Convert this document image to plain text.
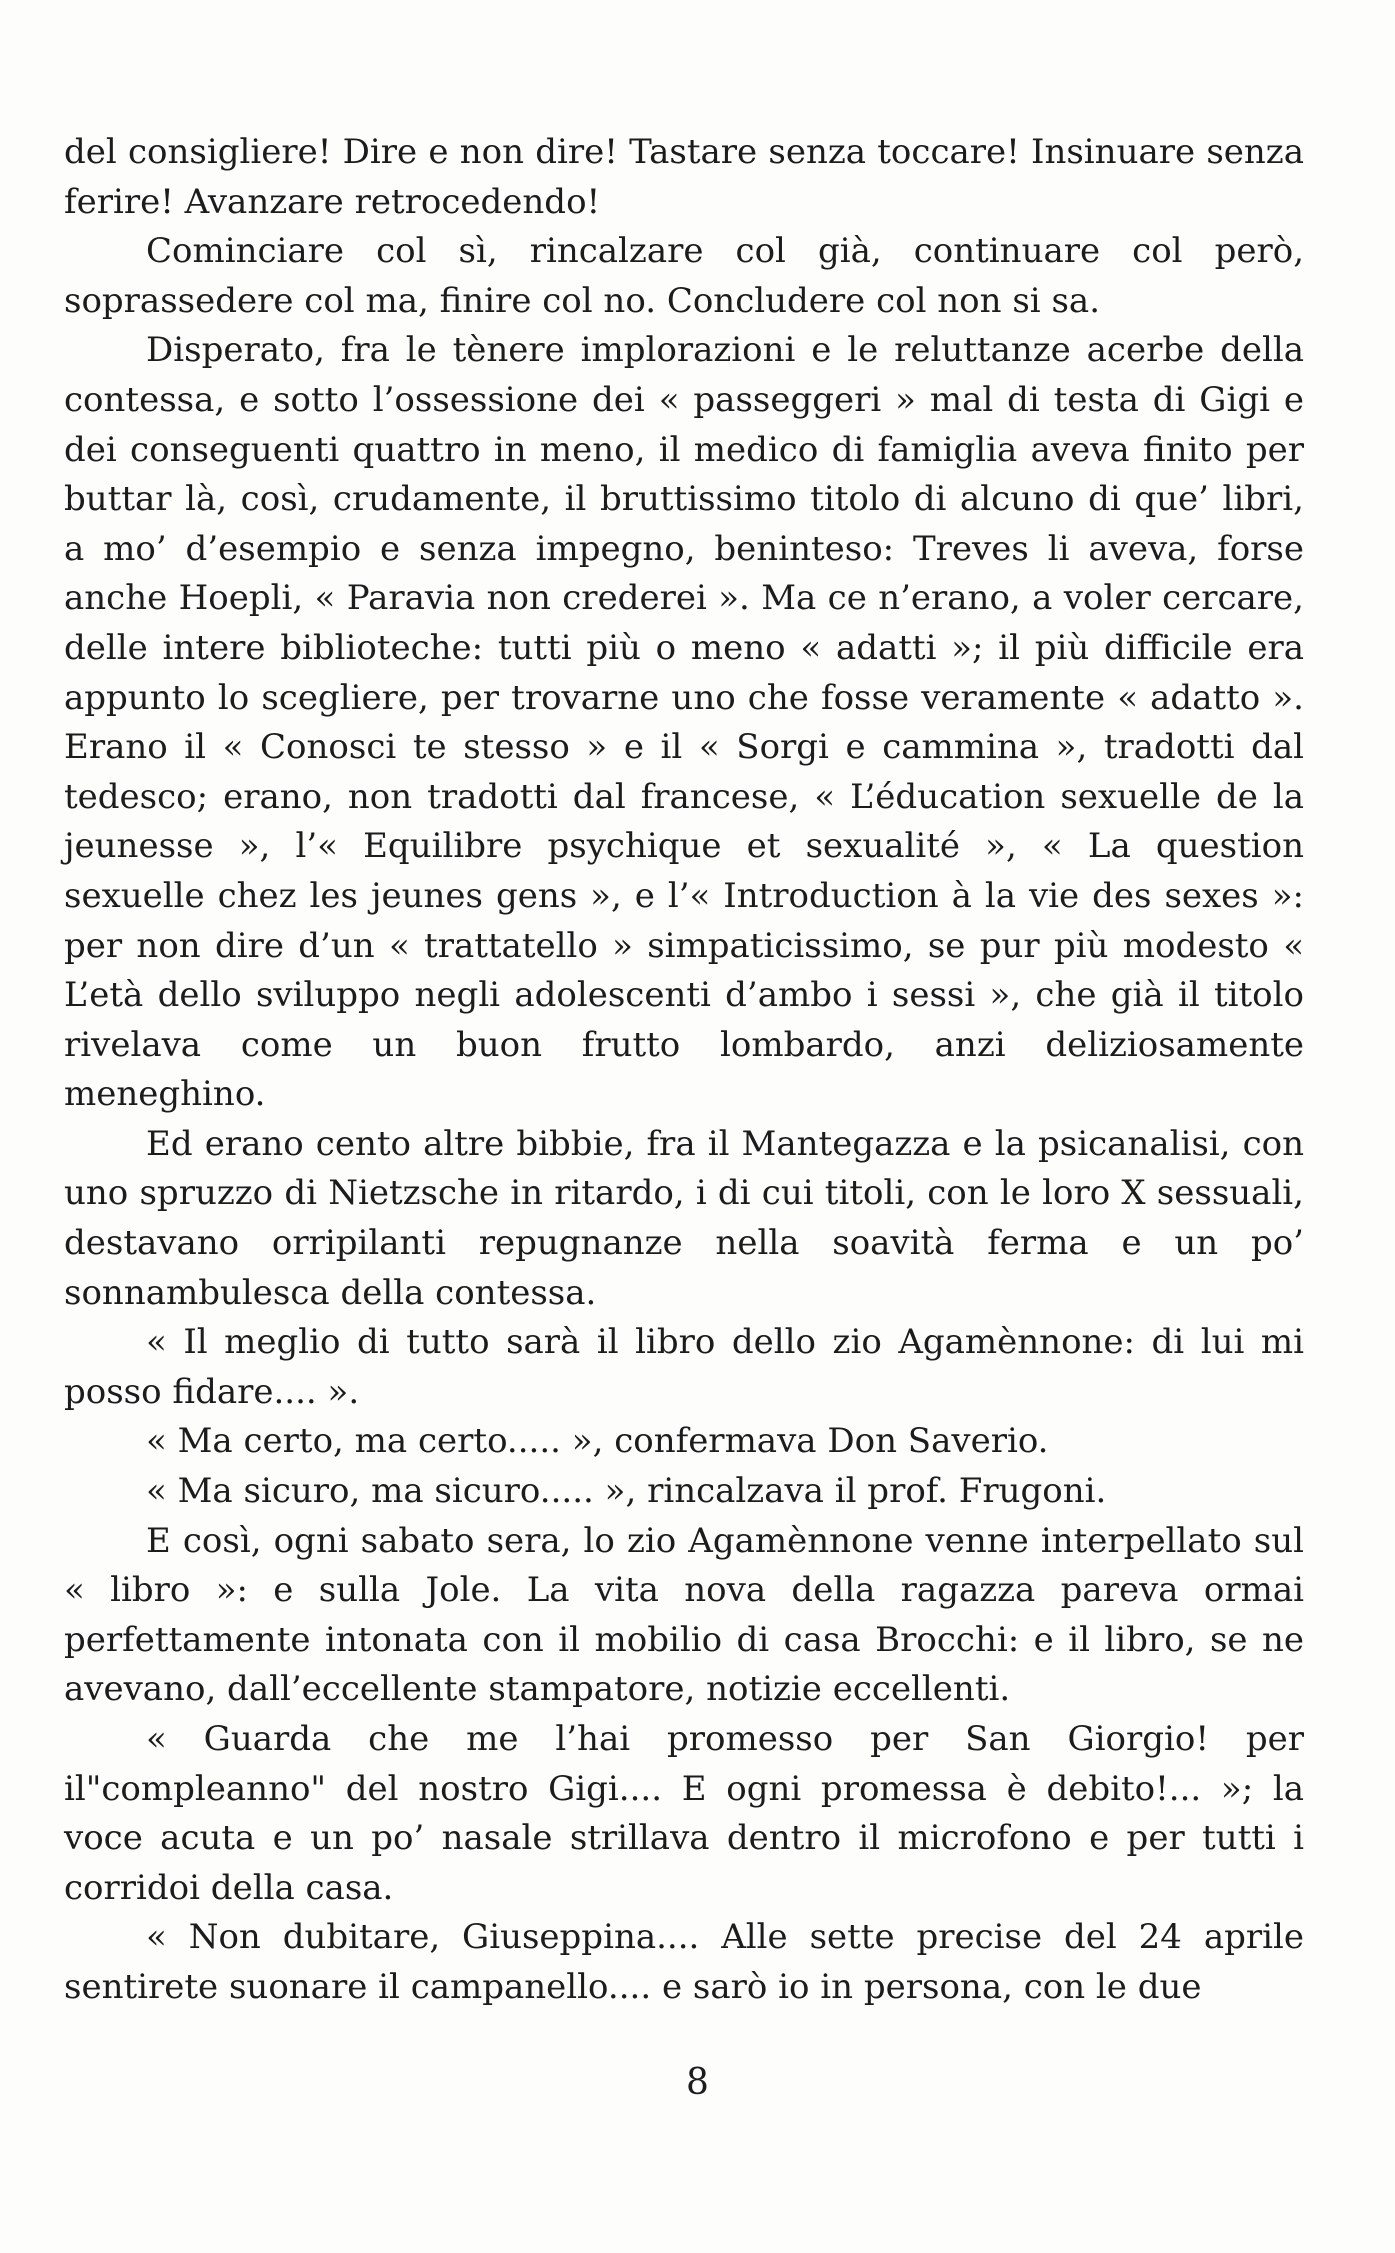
del consigliere! Dire e non dire! Tastare senza toccare! Insinuare senza ferire! Avanzare retrocedendo!

Cominciare col sì, rincalzare col già, continuare col però, soprassedere col ma, finire col no. Concludere col non si sa.

Disperato, fra le tènere implorazioni e le reluttanze acerbe della contessa, e sotto l’ossessione dei « passeggeri » mal di testa di Gigi e dei conseguenti quattro in meno, il medico di famiglia aveva finito per buttar là, così, crudamente, il bruttissimo titolo di alcuno di que’ libri, a mo’ d’esempio e senza impegno, beninteso: Treves li aveva, forse anche Hoepli, « Paravia non crederei ». Ma ce n’erano, a voler cercare, delle intere biblioteche: tutti più o meno « adatti »; il più difficile era appunto lo scegliere, per trovarne uno che fosse veramente « adatto ». Erano il « Conosci te stesso » e il « Sorgi e cammina », tradotti dal tedesco; erano, non tradotti dal francese, « L’éducation sexuelle de la jeunesse », l’« Equilibre psychique et sexualité », « La question sexuelle chez les jeunes gens », e l’« Introduction à la vie des sexes »: per non dire d’un « trattatello » simpaticissimo, se pur più modesto « L’età dello sviluppo negli adolescenti d’ambo i sessi », che già il titolo rivelava come un buon frutto lombardo, anzi deliziosamente meneghino.

Ed erano cento altre bibbie, fra il Mantegazza e la psicanalisi, con uno spruzzo di Nietzsche in ritardo, i di cui titoli, con le loro X sessuali, destavano orripilanti repugnanze nella soavità ferma e un po’ sonnambulesca della contessa.

« Il meglio di tutto sarà il libro dello zio Agamènnone: di lui mi posso fidare.... ».

« Ma certo, ma certo..... », confermava Don Saverio.

« Ma sicuro, ma sicuro..... », rincalzava il prof. Frugoni.

E così, ogni sabato sera, lo zio Agamènnone venne interpellato sul « libro »: e sulla Jole. La vita nova della ragazza pareva ormai perfettamente intonata con il mobilio di casa Brocchi: e il libro, se ne avevano, dall’eccellente stampatore, notizie eccellenti.

« Guarda che me l’hai promesso per San Giorgio! per il"compleanno" del nostro Gigi.... E ogni promessa è debito!... »; la voce acuta e un po’ nasale strillava dentro il microfono e per tutti i corridoi della casa.

« Non dubitare, Giuseppina.... Alle sette precise del 24 aprile sentirete suonare il campanello.... e sarò io in persona, con le due

8
